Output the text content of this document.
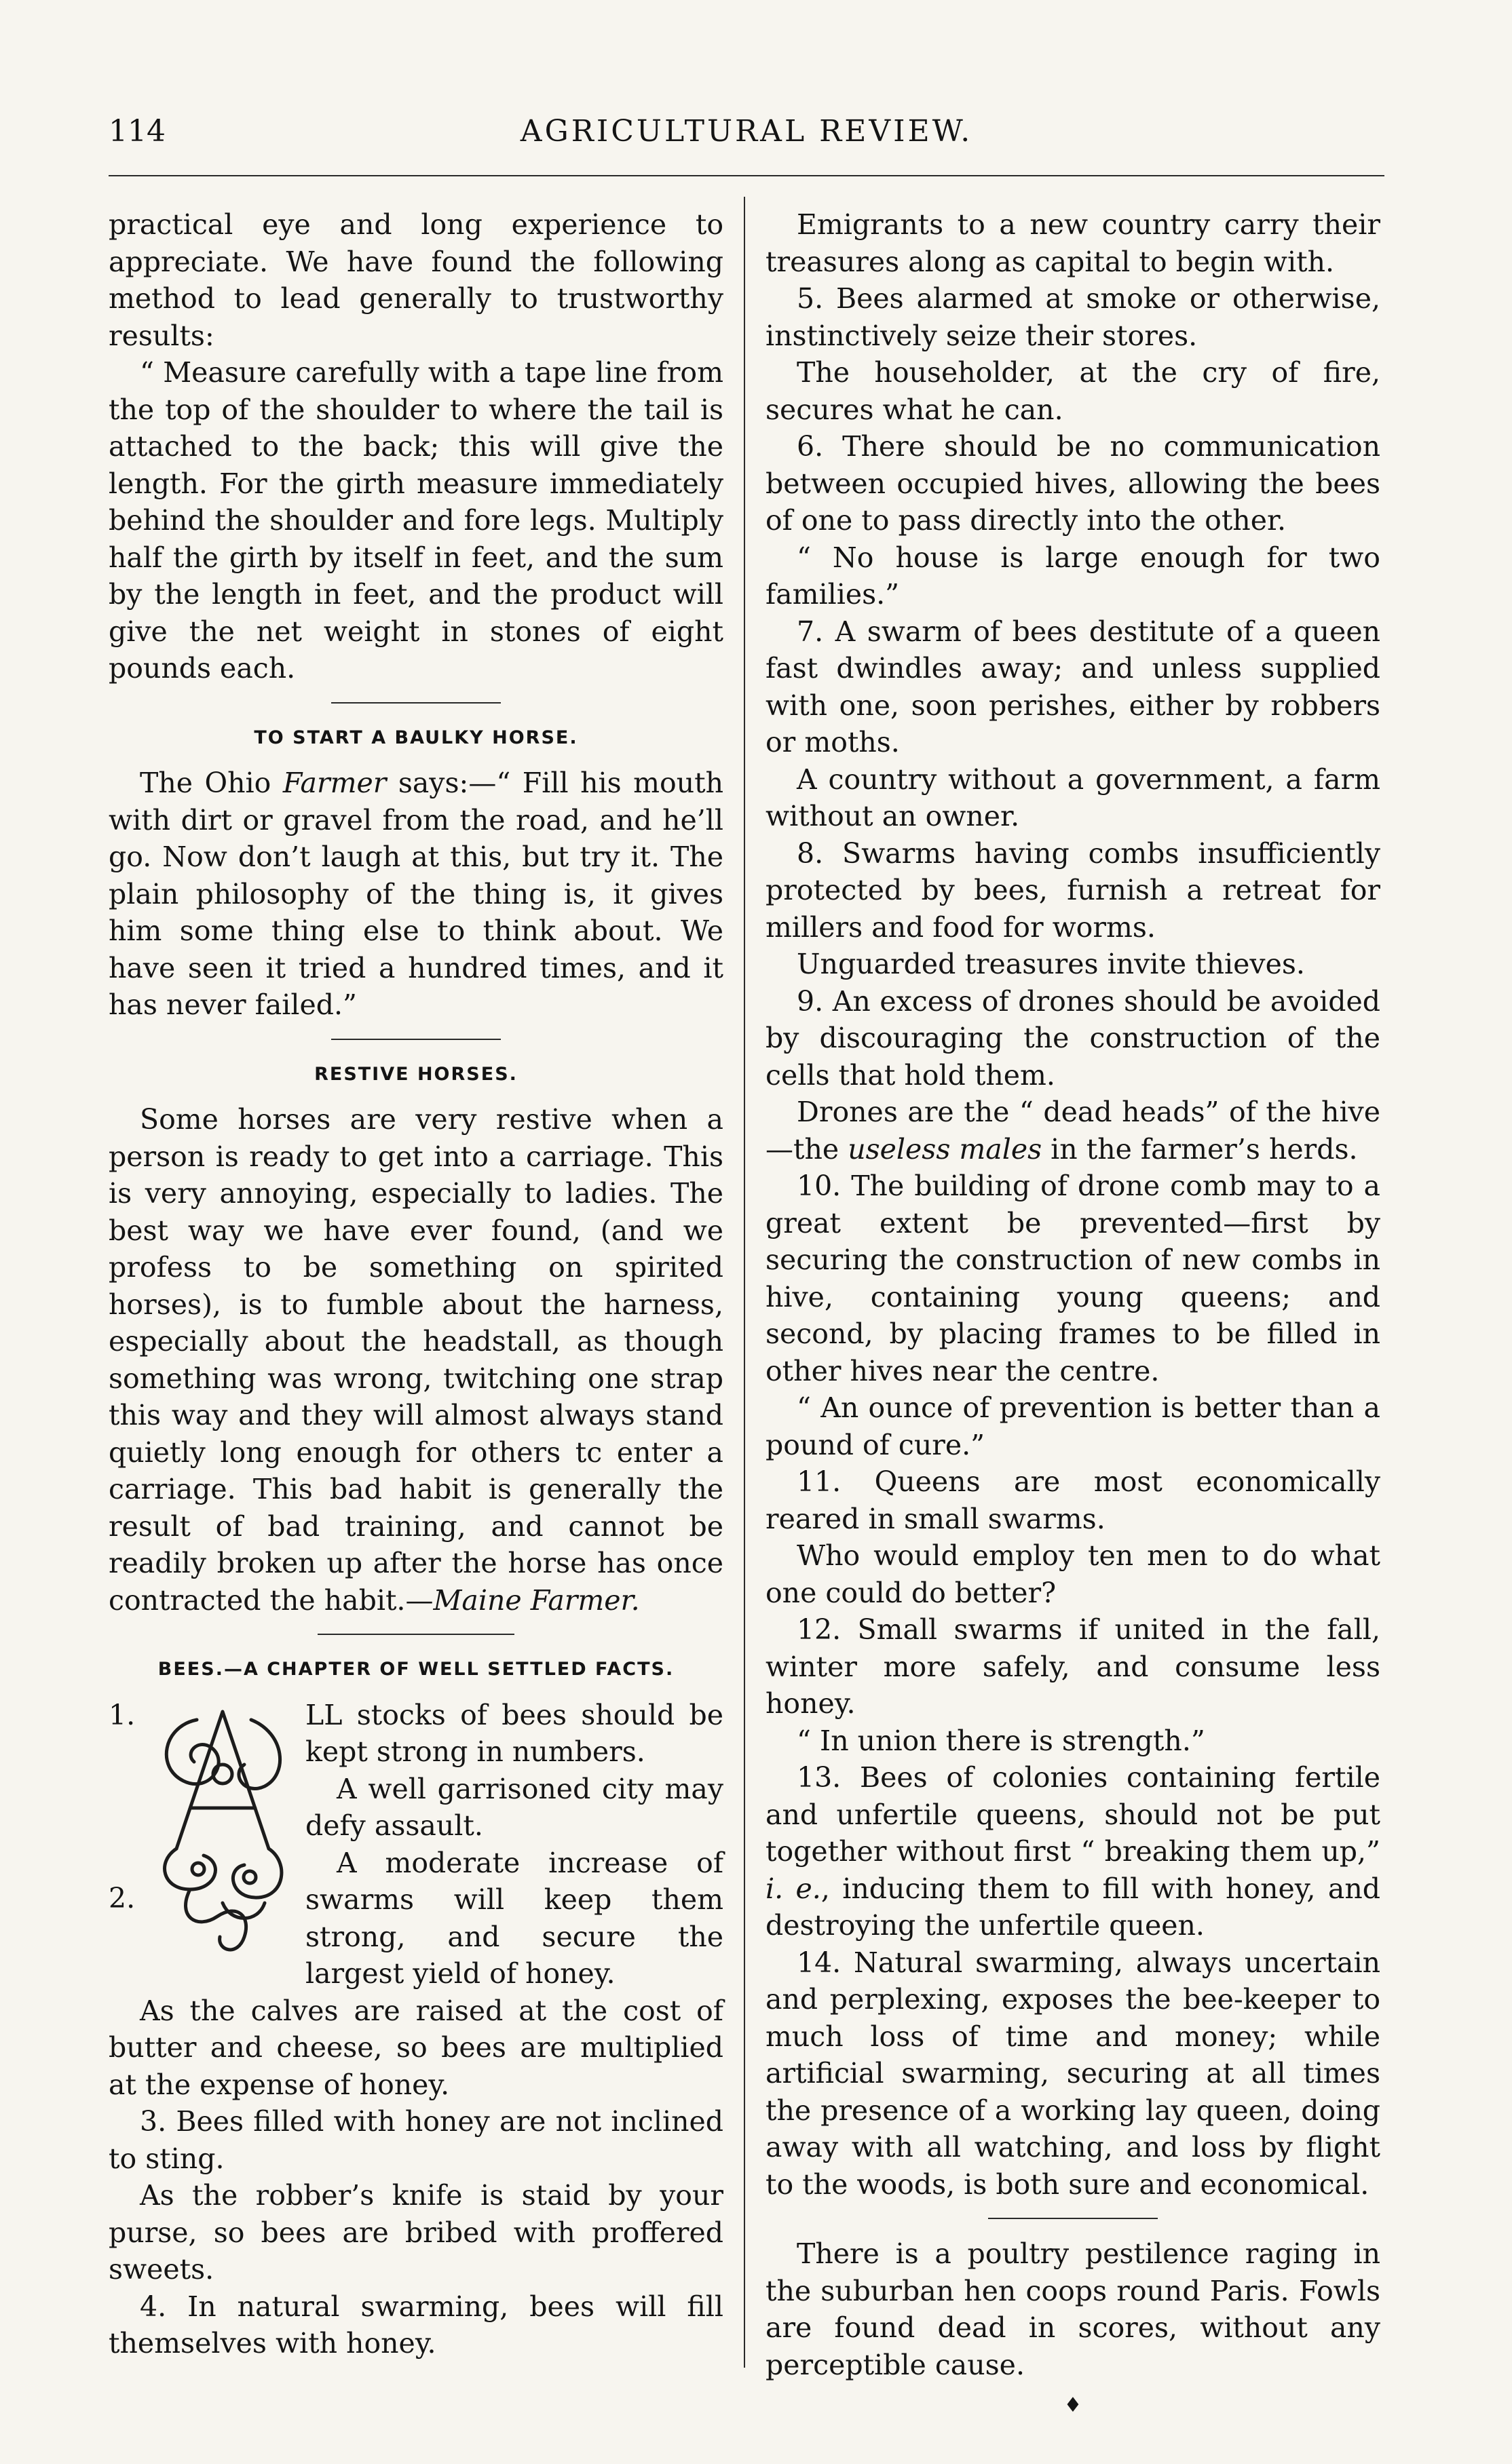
114	AGRICULTURAL REVIEW.

practical eye and long experience to appreciate. We have found the following method to lead generally to trustworthy results:

“ Measure carefully with a tape line from the top of the shoulder to where the tail is attached to the back; this will give the length. For the girth measure immediately behind the shoulder and fore legs. Multiply half the girth by itself in feet, and the sum by the length in feet, and the product will give the net weight in stones of eight pounds each.

TO START A BAULKY HORSE.

The Ohio Farmer says:—“ Fill his mouth with dirt or gravel from the road, and he’ll go. Now don’t laugh at this, but try it. The plain philosophy of the thing is, it gives him some thing else to think about. We have seen it tried a hundred times, and it has never failed.”

RESTIVE HORSES.

Some horses are very restive when a person is ready to get into a carriage. This is very annoying, especially to ladies. The best way we have ever found, (and we profess to be something on spirited horses), is to fumble about the harness, especially about the headstall, as though something was wrong, twitching one strap this way and they will almost always stand quietly long enough for others tc enter a carriage. This bad habit is generally the result of bad training, and cannot be readily broken up after the horse has once contracted the habit.—Maine Farmer.

BEES.—A CHAPTER OF WELL SETTLED FACTS.
1.
2.

LL stocks of bees should be kept strong in numbers.

A well garrisoned city may defy assault.

A moderate increase of swarms will keep them strong, and secure the largest yield of honey.

As the calves are raised at the cost of butter and cheese, so bees are multiplied at the expense of honey.

3. Bees filled with honey are not inclined to sting.

As the robber’s knife is staid by your purse, so bees are bribed with proffered sweets.

4. In natural swarming, bees will fill themselves with honey.

Emigrants to a new country carry their treasures along as capital to begin with.

5. Bees alarmed at smoke or otherwise, instinctively seize their stores.

The householder, at the cry of fire, secures what he can.

6. There should be no communication between occupied hives, allowing the bees of one to pass directly into the other.

“ No house is large enough for two families.”

7. A swarm of bees destitute of a queen fast dwindles away; and unless supplied with one, soon perishes, either by robbers or moths.

A country without a government, a farm without an owner.

8. Swarms having combs insufficiently protected by bees, furnish a retreat for millers and food for worms.

Unguarded treasures invite thieves.

9. An excess of drones should be avoided by discouraging the construction of the cells that hold them.

Drones are the “ dead heads” of the hive —the useless males in the farmer’s herds.

10. The building of drone comb may to a great extent be prevented—first by securing the construction of new combs in hive, containing young queens; and second, by placing frames to be filled in other hives near the centre.

“ An ounce of prevention is better than a pound of cure.”

11. Queens are most economically reared in small swarms.

Who would employ ten men to do what one could do better?

12. Small swarms if united in the fall, winter more safely, and consume less honey.

“ In union there is strength.”

13. Bees of colonies containing fertile and unfertile queens, should not be put together without first “ breaking them up,” i. e., inducing them to fill with honey, and destroying the unfertile queen.

14. Natural swarming, always uncertain and perplexing, exposes the bee-keeper to much loss of time and money; while artificial swarming, securing at all times the presence of a working lay queen, doing away with all watching, and loss by flight to the woods, is both sure and economical.

There is a poultry pestilence raging in the suburban hen coops round Paris. Fowls are found dead in scores, without any perceptible cause.

♦
